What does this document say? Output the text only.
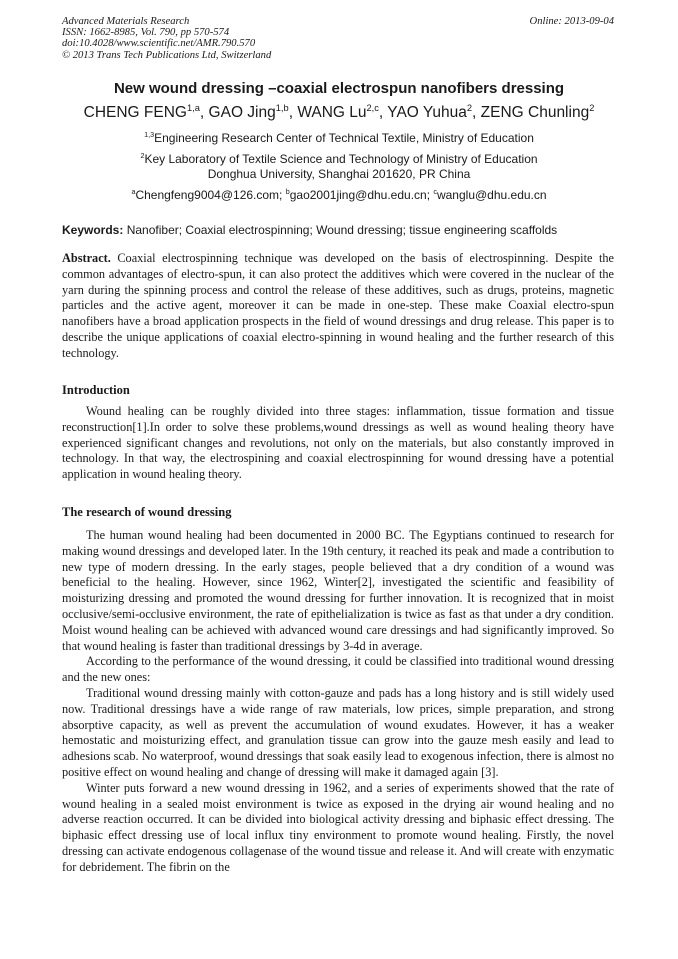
Advanced Materials Research
ISSN: 1662-8985, Vol. 790, pp 570-574
doi:10.4028/www.scientific.net/AMR.790.570
© 2013 Trans Tech Publications Ltd, Switzerland
Online: 2013-09-04
New wound dressing –coaxial electrospun nanofibers dressing
CHENG FENG$^{1,a}$, GAO Jing$^{1,b}$, WANG Lu$^{2,c}$, YAO Yuhua$^2$, ZENG Chunling$^2$
$^{1,3}$Engineering Research Center of Technical Textile, Ministry of Education
$^2$Key Laboratory of Textile Science and Technology of Ministry of Education
Donghua University, Shanghai 201620, PR China
$^a$Chengfeng9004@126.com; $^b$gao2001jing@dhu.edu.cn; $^c$wanglu@dhu.edu.cn
Keywords: Nanofiber; Coaxial electrospinning; Wound dressing; tissue engineering scaffolds

Abstract. Coaxial electrospinning technique was developed on the basis of electrospinning. Despite the common advantages of electro-spun, it can also protect the additives which were covered in the nuclear of the yarn during the spinning process and control the release of these additives, such as drugs, proteins, magnetic particles and the active agent, moreover it can be made in one-step. These make Coaxial electro-spun nanofibers have a broad application prospects in the field of wound dressings and drug release. This paper is to describe the unique applications of coaxial electro-spinning in wound healing and the further research of this technology.

Introduction

Wound healing can be roughly divided into three stages: inflammation, tissue formation and tissue reconstruction[1].In order to solve these problems,wound dressings as well as wound healing theory have experienced significant changes and revolutions, not only on the materials, but also constantly improved in technology. In that way, the electrospining and coaxial electrospinning for wound dressing have a potential application in wound healing theory.

The research of wound dressing

The human wound healing had been documented in 2000 BC. The Egyptians continued to research for making wound dressings and developed later. In the 19th century, it reached its peak and made a contribution to new type of modern dressing. In the early stages, people believed that a dry condition of a wound was beneficial to the healing. However, since 1962, Winter[2], investigated the scientific and feasibility of moisturizing dressing and promoted the wound dressing for further innovation. It is recognized that in moist occlusive/semi-occlusive environment, the rate of epithelialization is twice as fast as that under a dry condition. Moist wound healing can be achieved with advanced wound care dressings and had significantly improved. So that wound healing is faster than traditional dressings by 3-4d in average.

According to the performance of the wound dressing, it could be classified into traditional wound dressing and the new ones:

Traditional wound dressing mainly with cotton-gauze and pads has a long history and is still widely used now. Traditional dressings have a wide range of raw materials, low prices, simple preparation, and strong absorptive capacity, as well as prevent the accumulation of wound exudates. However, it has a weaker hemostatic and moisturizing effect, and granulation tissue can grow into the gauze mesh easily and lead to adhesions scab. No waterproof, wound dressings that soak easily lead to exogenous infection, there is almost no positive effect on wound healing and change of dressing will make it damaged again [3].

Winter puts forward a new wound dressing in 1962, and a series of experiments showed that the rate of wound healing in a sealed moist environment is twice as exposed in the drying air wound healing and no adverse reaction occurred. It can be divided into biological activity dressing and biphasic effect dressing. The biphasic effect dressing use of local influx tiny environment to promote wound healing. Firstly, the novel dressing can activate endogenous collagenase of the wound tissue and release it. And will create with enzymatic for debridement. The fibrin on the
